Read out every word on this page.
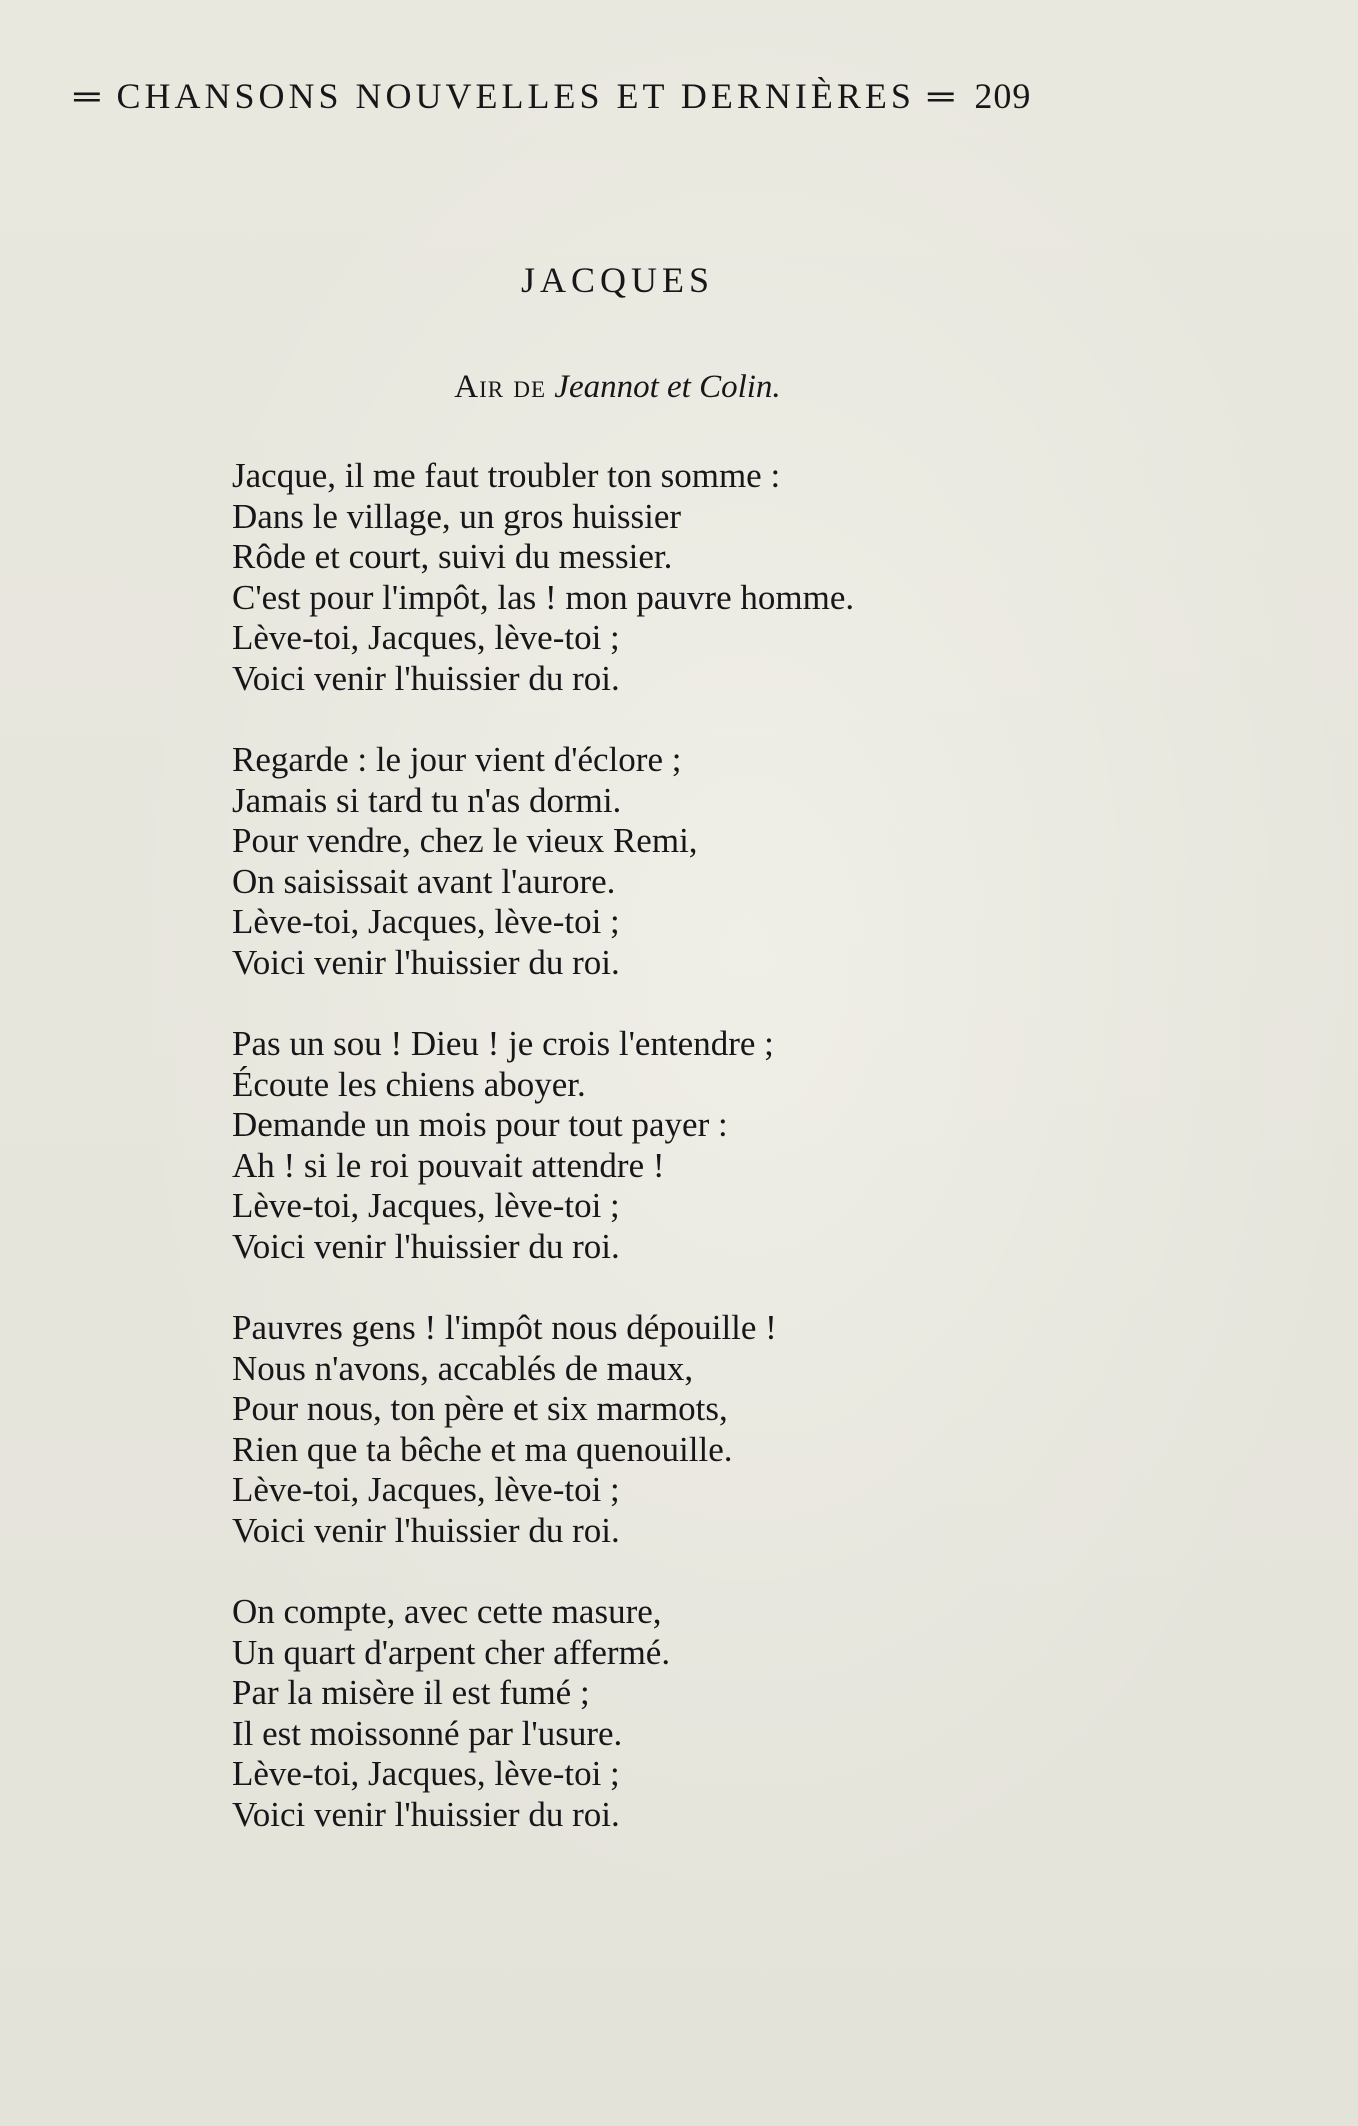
═ CHANSONS NOUVELLES ET DERNIÈRES ═ 209
JACQUES
Air de Jeannot et Colin.
Jacque, il me faut troubler ton somme :
Dans le village, un gros huissier
Rôde et court, suivi du messier.
C'est pour l'impôt, las ! mon pauvre homme.
Lève-toi, Jacques, lève-toi ;
Voici venir l'huissier du roi.
Regarde : le jour vient d'éclore ;
Jamais si tard tu n'as dormi.
Pour vendre, chez le vieux Remi,
On saisissait avant l'aurore.
Lève-toi, Jacques, lève-toi ;
Voici venir l'huissier du roi.
Pas un sou ! Dieu ! je crois l'entendre ;
Écoute les chiens aboyer.
Demande un mois pour tout payer :
Ah ! si le roi pouvait attendre !
Lève-toi, Jacques, lève-toi ;
Voici venir l'huissier du roi.
Pauvres gens ! l'impôt nous dépouille !
Nous n'avons, accablés de maux,
Pour nous, ton père et six marmots,
Rien que ta bêche et ma quenouille.
Lève-toi, Jacques, lève-toi ;
Voici venir l'huissier du roi.
On compte, avec cette masure,
Un quart d'arpent cher affermé.
Par la misère il est fumé ;
Il est moissonné par l'usure.
Lève-toi, Jacques, lève-toi ;
Voici venir l'huissier du roi.
